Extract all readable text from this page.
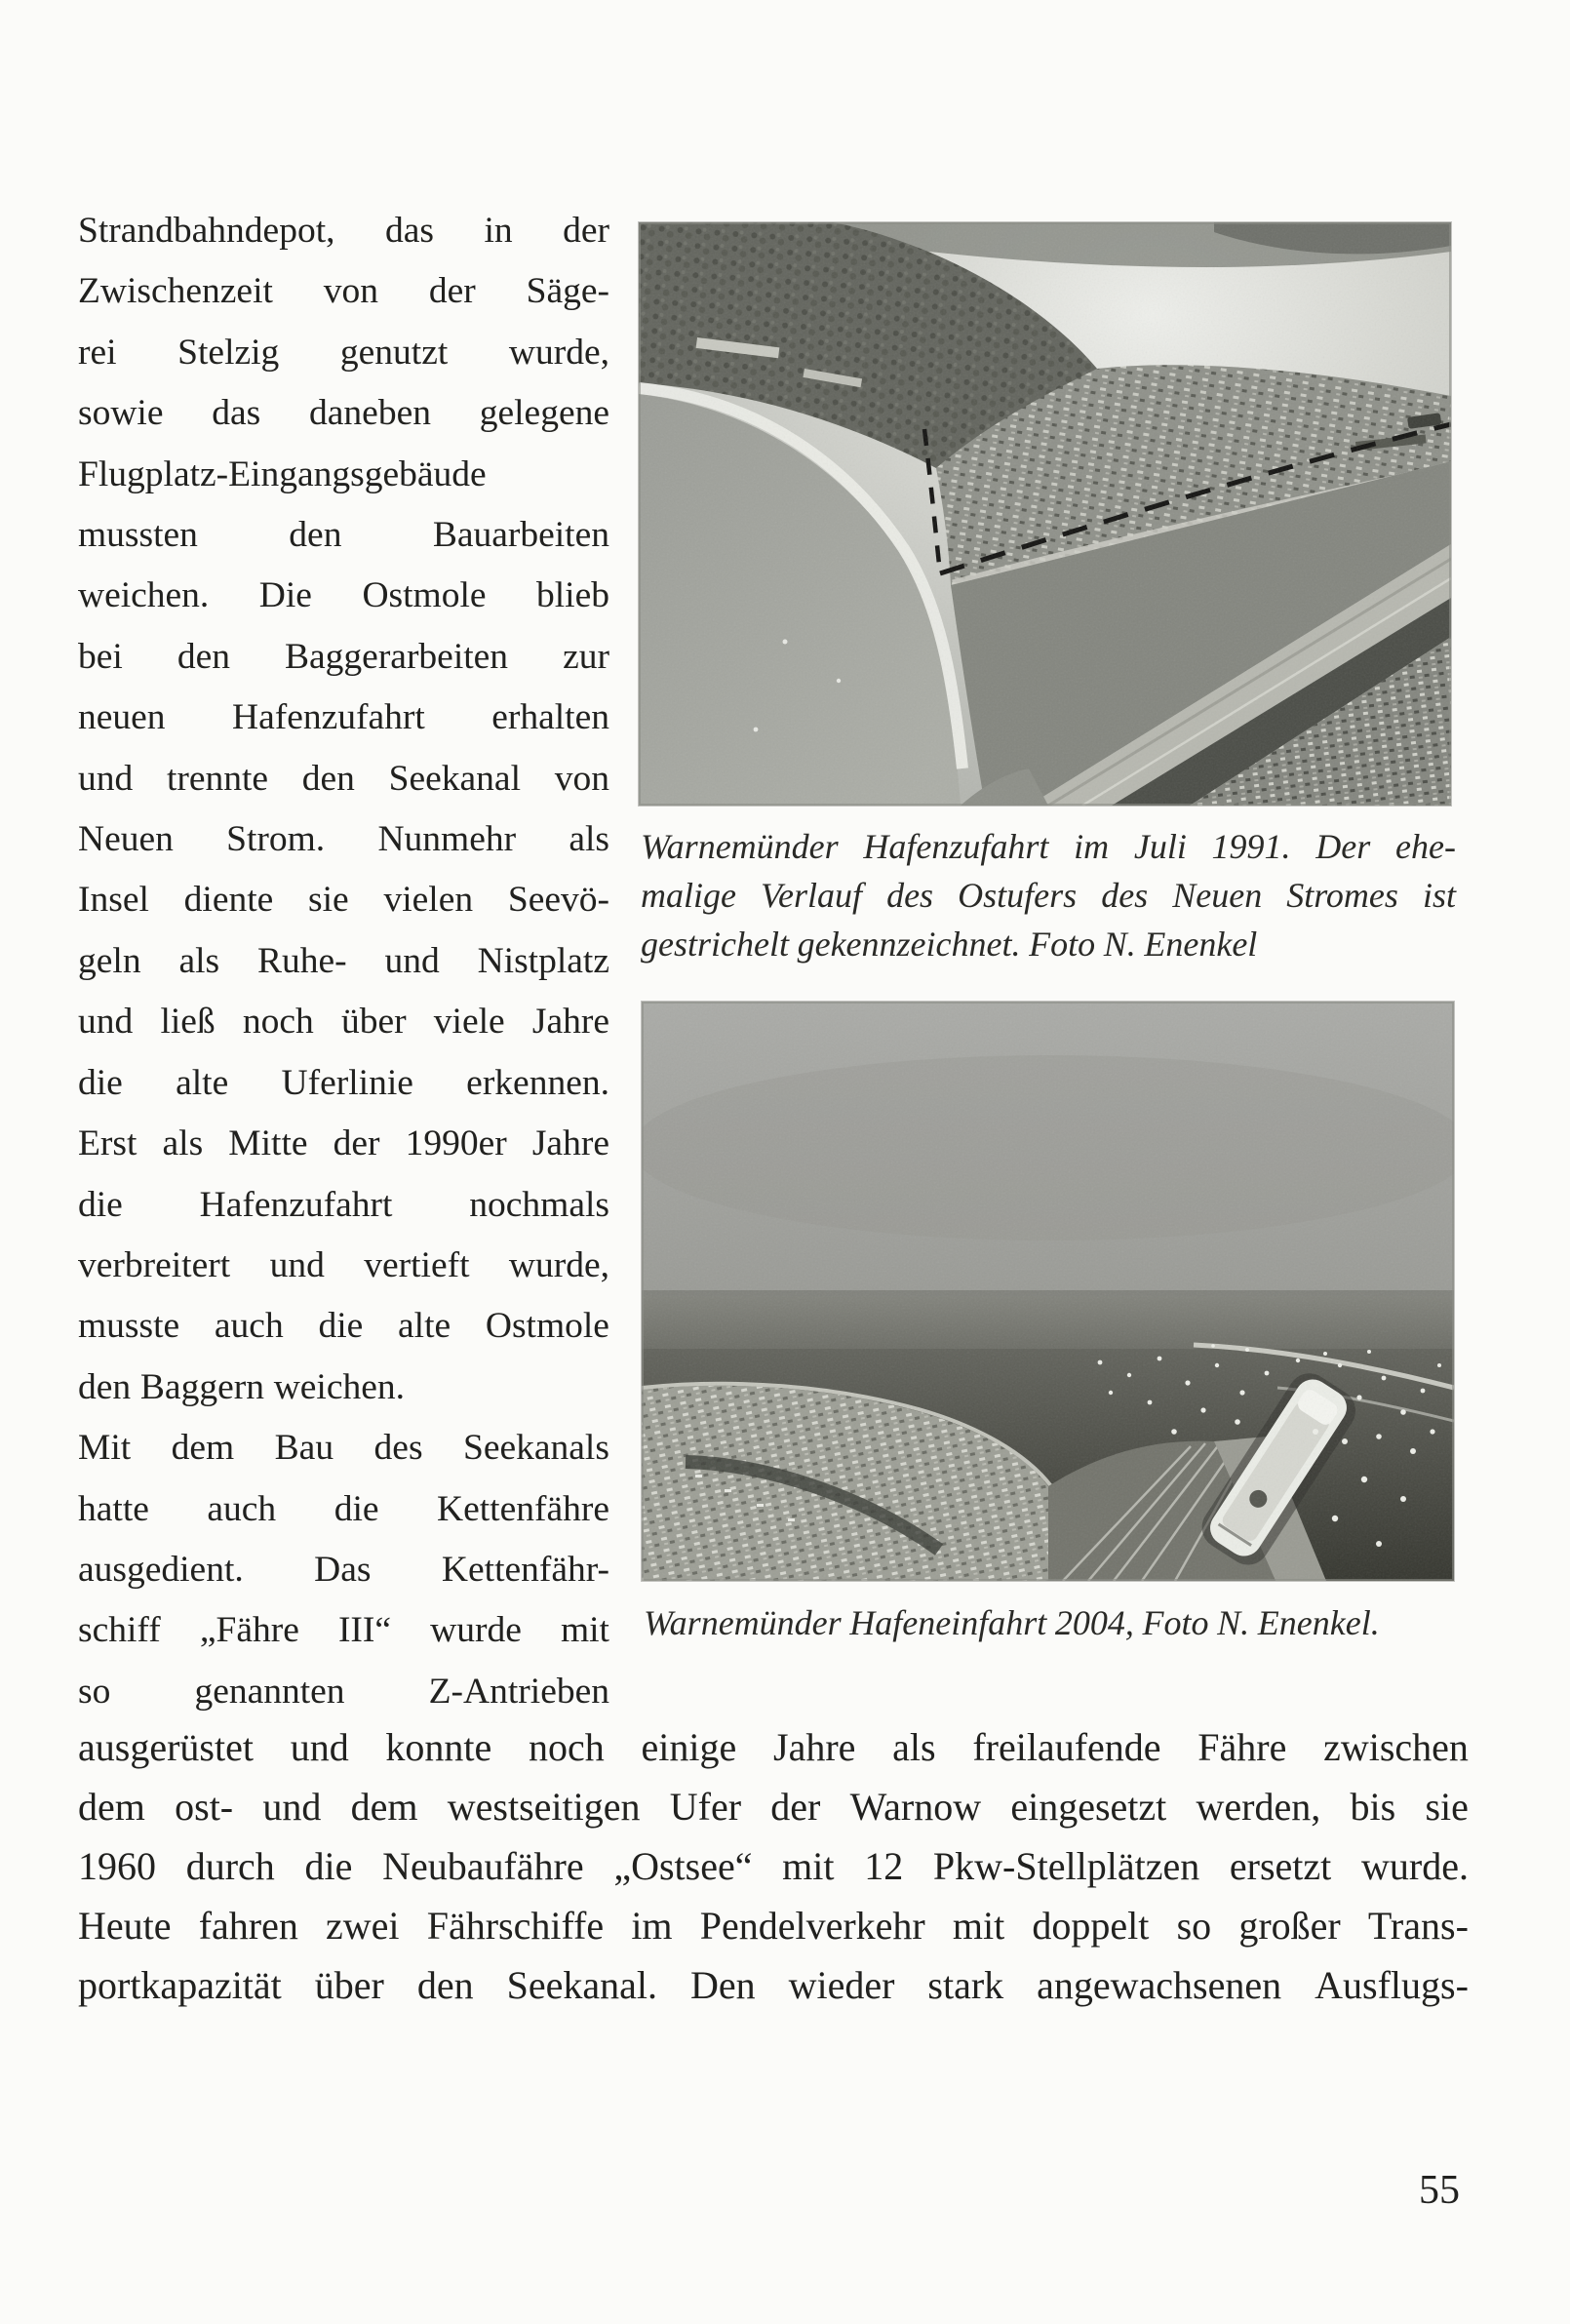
Strandbahndepot, das in der
Zwischenzeit von der Säge-
rei Stelzig genutzt wurde,
sowie das daneben gelegene
Flugplatz-Eingangsgebäude
mussten den Bauarbeiten
weichen. Die Ostmole blieb
bei den Baggerarbeiten zur
neuen Hafenzufahrt erhalten
und trennte den Seekanal von
Neuen Strom. Nunmehr als
Insel diente sie vielen Seevö-
geln als Ruhe- und Nistplatz
und ließ noch über viele Jahre
die alte Uferlinie erkennen.
Erst als Mitte der 1990er Jahre
die Hafenzufahrt nochmals
verbreitert und vertieft wurde,
musste auch die alte Ostmole
den Baggern weichen.
Mit dem Bau des Seekanals
hatte auch die Kettenfähre
ausgedient. Das Kettenfähr-
schiff „Fähre III“ wurde mit
so genannten Z-Antrieben
Warnemünder Hafenzufahrt im Juli 1991. Der ehe-
malige Verlauf des Ostufers des Neuen Stromes ist
gestrichelt gekennzeichnet. Foto N. Enenkel
Warnemünder Hafeneinfahrt 2004, Foto N. Enenkel.
ausgerüstet und konnte noch einige Jahre als freilaufende Fähre zwischen
dem ost- und dem westseitigen Ufer der Warnow eingesetzt werden, bis sie
1960 durch die Neubaufähre „Ostsee“ mit 12 Pkw-Stellplätzen ersetzt wurde.
Heute fahren zwei Fährschiffe im Pendelverkehr mit doppelt so großer Trans-
portkapazität über den Seekanal. Den wieder stark angewachsenen Ausflugs-
55
